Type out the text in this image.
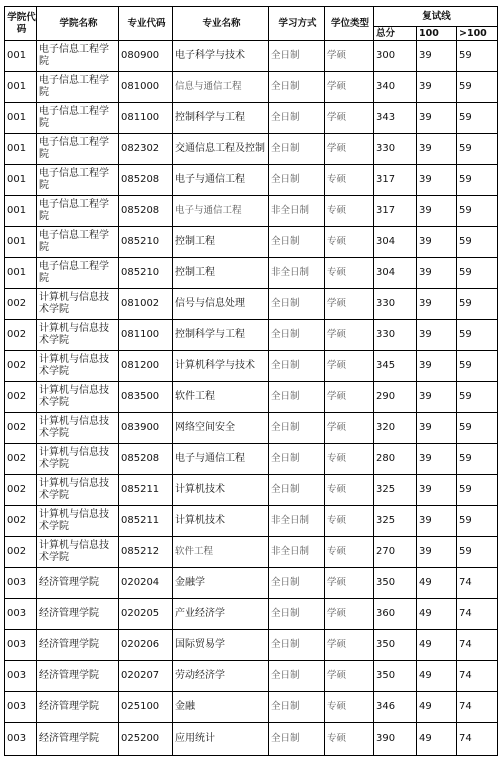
学院代码	学院名称	专业代码	专业名称	学习方式	学位类型	复试线		
						总分	100	>100
001	电子信息工程学院	080900	电子科学与技术	全日制	学硕	300	39	59
001	电子信息工程学院	081000	信息与通信工程	全日制	学硕	340	39	59
001	电子信息工程学院	081100	控制科学与工程	全日制	学硕	343	39	59
001	电子信息工程学院	082302	交通信息工程及控制	全日制	学硕	330	39	59
001	电子信息工程学院	085208	电子与通信工程	全日制	专硕	317	39	59
001	电子信息工程学院	085208	电子与通信工程	非全日制	专硕	317	39	59
001	电子信息工程学院	085210	控制工程	全日制	专硕	304	39	59
001	电子信息工程学院	085210	控制工程	非全日制	专硕	304	39	59
002	计算机与信息技术学院	081002	信号与信息处理	全日制	学硕	330	39	59
002	计算机与信息技术学院	081100	控制科学与工程	全日制	学硕	330	39	59
002	计算机与信息技术学院	081200	计算机科学与技术	全日制	学硕	345	39	59
002	计算机与信息技术学院	083500	软件工程	全日制	学硕	290	39	59
002	计算机与信息技术学院	083900	网络空间安全	全日制	学硕	320	39	59
002	计算机与信息技术学院	085208	电子与通信工程	全日制	专硕	280	39	59
002	计算机与信息技术学院	085211	计算机技术	全日制	专硕	325	39	59
002	计算机与信息技术学院	085211	计算机技术	非全日制	专硕	325	39	59
002	计算机与信息技术学院	085212	软件工程	非全日制	专硕	270	39	59
003	经济管理学院	020204	金融学	全日制	学硕	350	49	74
003	经济管理学院	020205	产业经济学	全日制	学硕	360	49	74
003	经济管理学院	020206	国际贸易学	全日制	学硕	350	49	74
003	经济管理学院	020207	劳动经济学	全日制	学硕	350	49	74
003	经济管理学院	025100	金融	全日制	专硕	346	49	74
003	经济管理学院	025200	应用统计	全日制	专硕	390	49	74
